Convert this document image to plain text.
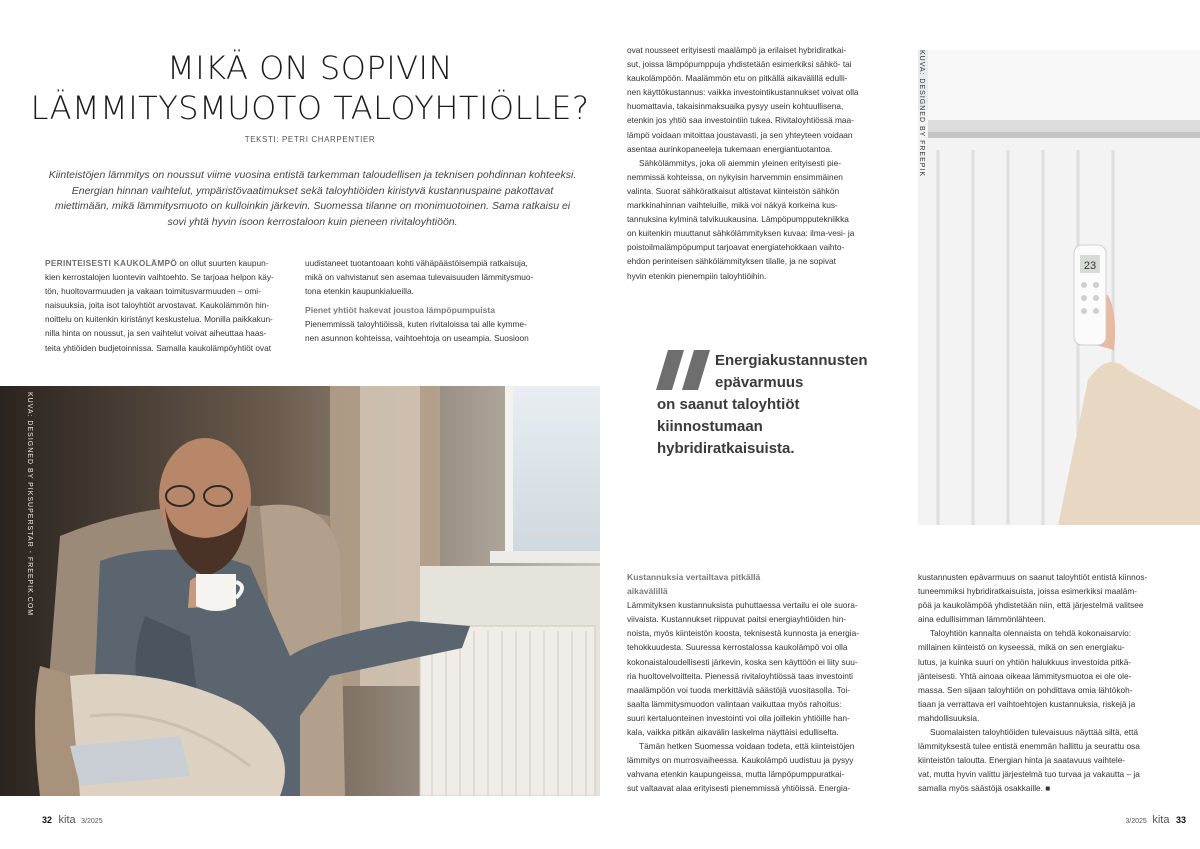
MIKÄ ON SOPIVIN
LÄMMITYSMUOTO TALOYHTIÖLLE?
TEKSTI: PETRI CHARPENTIER
Kiinteistöjen lämmitys on noussut viime vuosina entistä tarkemman taloudellisen ja teknisen pohdinnan kohteeksi.
Energian hinnan vaihtelut, ympäristövaatimukset sekä taloyhtiöiden kiristyvä kustannuspaine pakottavat
miettimään, mikä lämmitysmuoto on kulloinkin järkevin. Suomessa tilanne on monimuotoinen. Sama ratkaisu ei
sovi yhtä hyvin isoon kerrostaloon kuin pieneen rivitaloyhtiöön.

PERINTEISESTI KAUKOLÄMPÖ on ollut suurten kaupun-

kien kerrostalojen luontevin vaihtoehto. Se tarjoaa helpon käy-

tön, huoltovarmuuden ja vakaan toimitusvarmuuden – omi-

naisuuksia, joita isot taloyhtiöt arvostavat. Kaukolämmön hin-

noittelu on kuitenkin kiristänyt keskustelua. Monilla paikkakun-

nilla hinta on noussut, ja sen vaihtelut voivat aiheuttaa haas-

teita yhtiöiden budjetoinnissa. Samalla kaukolämpöyhtiöt ovat

uudistaneet tuotantoaan kohti vähäpäästöisempiä ratkaisuja,

mikä on vahvistanut sen asemaa tulevaisuuden lämmitysmuo-

tona etenkin kaupunkialueilla.

Pienet yhtiöt hakevat joustoa lämpöpumpuista

Pienemmissä taloyhtiöissä, kuten rivitaloissa tai alle kymme-

nen asunnon kohteissa, vaihtoehtoja on useampia. Suosioon

KUVA: DESIGNED BY PIKSUPERSTAR - FREEPIK.COM

ovat nousseet erityisesti maalämpö ja erilaiset hybridiratkai-

sut, joissa lämpöpumppuja yhdistetään esimerkiksi sähkö- tai

kaukolämpöön. Maalämmön etu on pitkällä aikavälillä edulli-

nen käyttökustannus: vaikka investointikustannukset voivat olla

huomattavia, takaisinmaksuaika pysyy usein kohtuullisena,

etenkin jos yhtiö saa investointiin tukea. Rivitaloyhtiössä maa-

lämpö voidaan mitoittaa joustavasti, ja sen yhteyteen voidaan

asentaa aurinkopaneeleja tukemaan energiantuotantoa.

Sähkölämmitys, joka oli aiemmin yleinen erityisesti pie-

nemmissä kohteissa, on nykyisin harvemmin ensimmäinen

valinta. Suorat sähköratkaisut altistavat kiinteistön sähkön

markkinahinnan vaihteluille, mikä voi näkyä korkeina kus-

tannuksina kylminä talvikuukausina. Lämpöpumpputekniikka

on kuitenkin muuttanut sähkölämmityksen kuvaa: ilma-vesi- ja

poistoilmalämpöpumput tarjoavat energiatehokkaan vaihto-

ehdon perinteisen sähkölämmityksen tilalle, ja ne sopivat

hyvin etenkin pienempiin taloyhtiöihin.

Energiakustannusten
epävarmuus
on saanut taloyhtiöt
kiinnostumaan
hybridiratkaisuista.
23
KUVA: DESIGNED BY FREEPIK

Kustannuksia vertailtava pitkällä

aikavälillä

Lämmityksen kustannuksista puhuttaessa vertailu ei ole suora-

viivaista. Kustannukset riippuvat paitsi energiayhtiöiden hin-

noista, myös kiinteistön koosta, teknisestä kunnosta ja energia-

tehokkuudesta. Suuressa kerrostalossa kaukolämpö voi olla

kokonaistaloudellisesti järkevin, koska sen käyttöön ei liity suu-

ria huoltovelvoitteita. Pienessä rivitaloyhtiössä taas investointi

maalämpöön voi tuoda merkittäviä säästöjä vuositasolla. Toi-

saalta lämmitysmuodon valintaan vaikuttaa myös rahoitus:

suuri kertaluonteinen investointi voi olla joillekin yhtiöille han-

kala, vaikka pitkän aikavälin laskelma näyttäisi edulliselta.

Tämän hetken Suomessa voidaan todeta, että kiinteistöjen

lämmitys on murrosvaiheessa. Kaukolämpö uudistuu ja pysyy

vahvana etenkin kaupungeissa, mutta lämpöpumppuratkai-

sut valtaavat alaa erityisesti pienemmissä yhtiöissä. Energia-

kustannusten epävarmuus on saanut taloyhtiöt entistä kiinnos-

tuneemmiksi hybridiratkaisuista, joissa esimerkiksi maaläm-

pöä ja kaukolämpöä yhdistetään niin, että järjestelmä valitsee

aina edullisimman lämmönlähteen.

Taloyhtiön kannalta olennaista on tehdä kokonaisarvio:

millainen kiinteistö on kyseessä, mikä on sen energiaku-

lutus, ja kuinka suuri on yhtiön halukkuus investoida pitkä-

jänteisesti. Yhtä ainoaa oikeaa lämmitysmuotoa ei ole ole-

massa. Sen sijaan taloyhtiön on pohdittava omia lähtökoh-

tiaan ja verrattava eri vaihtoehtojen kustannuksia, riskejä ja

mahdollisuuksia.

Suomalaisten taloyhtiöiden tulevaisuus näyttää siltä, että

lämmityksestä tulee entistä enemmän hallittu ja seurattu osa

kiinteistön taloutta. Energian hinta ja saatavuus vaihtele-

vat, mutta hyvin valittu järjestelmä tuo turvaa ja vakautta – ja

samalla myös säästöjä osakkaille. ■

32 kita 3/2025	3/2025 kita 33
